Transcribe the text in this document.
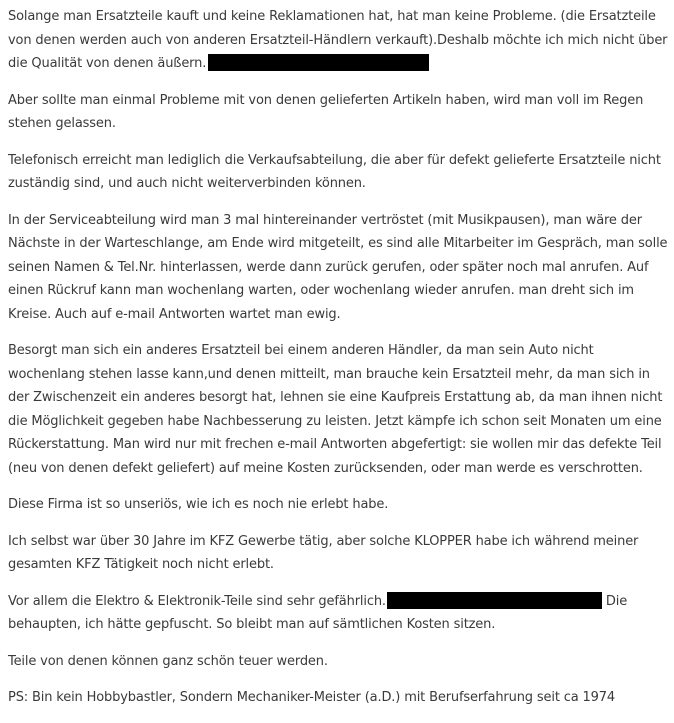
Solange man Ersatzteile kauft und keine Reklamationen hat, hat man keine Probleme. (die Ersatzteile von denen werden auch von anderen Ersatzteil-Händlern verkauft).Deshalb möchte ich mich nicht über die Qualität von denen äußern.

Aber sollte man einmal Probleme mit von denen gelieferten Artikeln haben, wird man voll im Regen stehen gelassen.

Telefonisch erreicht man lediglich die Verkaufsabteilung, die aber für defekt gelieferte Ersatzteile nicht zuständig sind, und auch nicht weiterverbinden können.

In der Serviceabteilung wird man 3 mal hintereinander vertröstet (mit Musikpausen), man wäre der Nächste in der Warteschlange, am Ende wird mitgeteilt, es sind alle Mitarbeiter im Gespräch, man solle seinen Namen & Tel.Nr. hinterlassen, werde dann zurück gerufen, oder später noch mal anrufen. Auf einen Rückruf kann man wochenlang warten, oder wochenlang wieder anrufen. man dreht sich im Kreise. Auch auf e-mail Antworten wartet man ewig.

Besorgt man sich ein anderes Ersatzteil bei einem anderen Händler, da man sein Auto nicht wochenlang stehen lasse kann,und denen mitteilt, man brauche kein Ersatzteil mehr, da man sich in der Zwischenzeit ein anderes besorgt hat, lehnen sie eine Kaufpreis Erstattung ab, da man ihnen nicht die Möglichkeit gegeben habe Nachbesserung zu leisten. Jetzt kämpfe ich schon seit Monaten um eine Rückerstattung. Man wird nur mit frechen e-mail Antworten abgefertigt: sie wollen mir das defekte Teil (neu von denen defekt geliefert) auf meine Kosten zurücksenden, oder man werde es verschrotten.

Diese Firma ist so unseriös, wie ich es noch nie erlebt habe.

Ich selbst war über 30 Jahre im KFZ Gewerbe tätig, aber solche KLOPPER habe ich während meiner gesamten KFZ Tätigkeit noch nicht erlebt.

Vor allem die Elektro & Elektronik-Teile sind sehr gefährlich.	Die behaupten, ich hätte gepfuscht. So bleibt man auf sämtlichen Kosten sitzen.

Teile von denen können ganz schön teuer werden.

PS: Bin kein Hobbybastler, Sondern Mechaniker-Meister (a.D.) mit Berufserfahrung seit ca 1974
